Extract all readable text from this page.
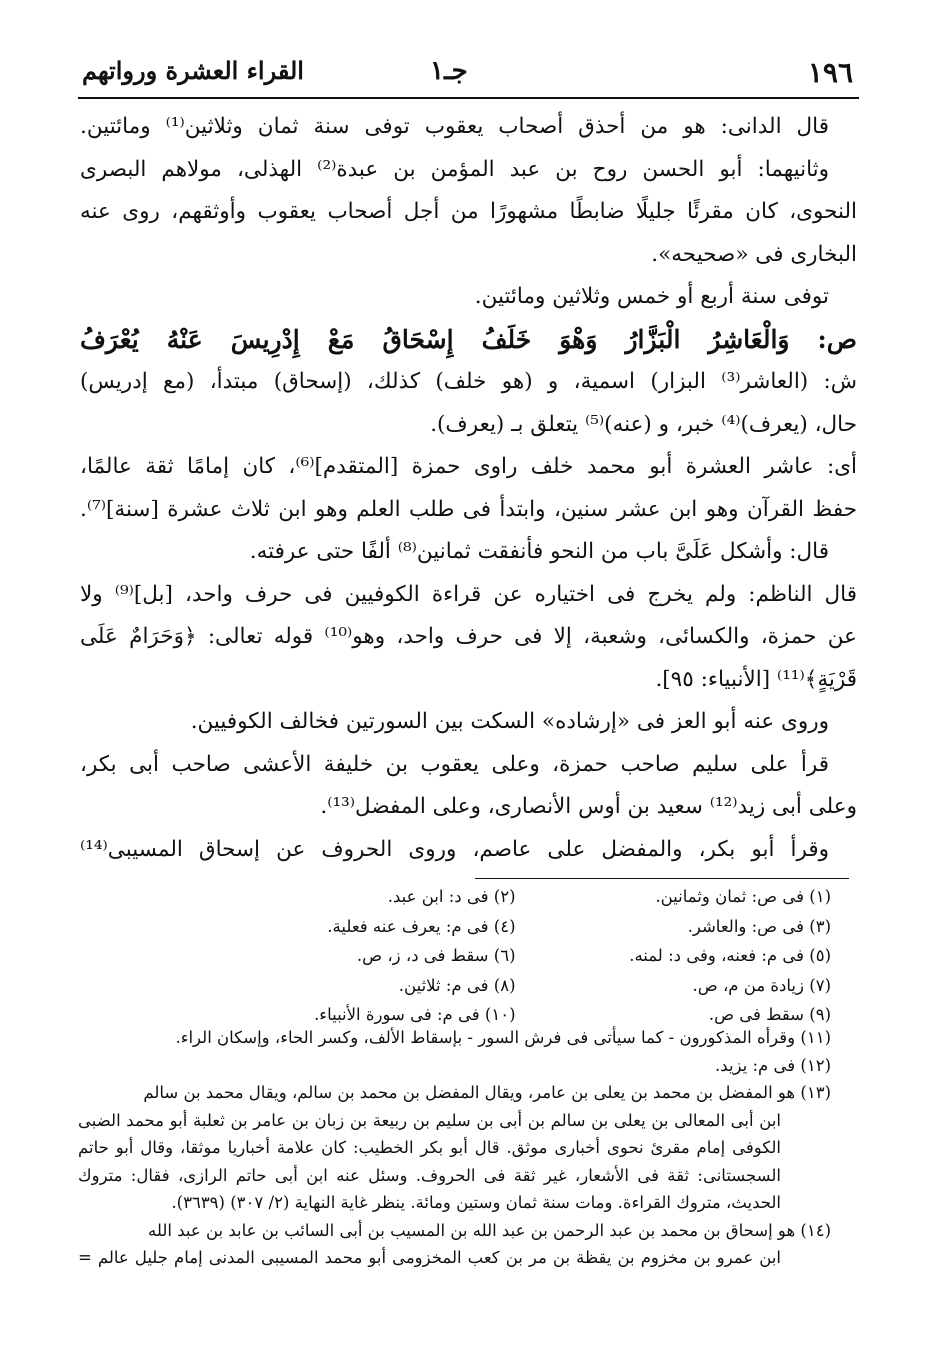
١٩٦
جـ١
القراء العشرة ورواتهم
قال الدانى: هو من أحذق أصحاب يعقوب توفى سنة ثمان وثلاثين⁽¹⁾ ومائتين.
وثانيهما: أبو الحسن روح بن عبد المؤمن بن عبدة⁽²⁾ الهذلى، مولاهم البصرى
النحوى، كان مقرئًا جليلًا ضابطًا مشهورًا من أجل أصحاب يعقوب وأوثقهم، روى عنه
البخارى فى «صحيحه».
توفى سنة أربع أو خمس وثلاثين ومائتين.
ص: وَالْعَاشِرُ الْبَزَّارُ وَهْوَ خَلَفُ إِسْحَاقُ مَعْ إِدْرِيسَ عَنْهُ يُعْرَفُ
ش: (العاشر⁽³⁾ البزار) اسمية، و (هو خلف) كذلك، (إسحاق) مبتدأ، (مع إدريس)
حال، (يعرف)⁽⁴⁾ خبر، و (عنه)⁽⁵⁾ يتعلق بـ (يعرف).
أى: عاشر العشرة أبو محمد خلف راوى حمزة [المتقدم]⁽⁶⁾، كان إمامًا ثقة عالمًا،
حفظ القرآن وهو ابن عشر سنين، وابتدأ فى طلب العلم وهو ابن ثلاث عشرة [سنة]⁽⁷⁾.
قال: وأشكل عَلَىَّ باب من النحو فأنفقت ثمانين⁽⁸⁾ ألفًا حتى عرفته.
قال الناظم: ولم يخرج فى اختياره عن قراءة الكوفيين فى حرف واحد، [بل]⁽⁹⁾ ولا
عن حمزة، والكسائى، وشعبة، إلا فى حرف واحد، وهو⁽¹⁰⁾ قوله تعالى: ﴿وَحَرَامٌ عَلَى
قَرْيَةٍ﴾⁽¹¹⁾ [الأنبياء: ٩٥].
وروى عنه أبو العز فى «إرشاده» السكت بين السورتين فخالف الكوفيين.
قرأ على سليم صاحب حمزة، وعلى يعقوب بن خليفة الأعشى صاحب أبى بكر،
وعلى أبى زيد⁽¹²⁾ سعيد بن أوس الأنصارى، وعلى المفضل⁽¹³⁾.
وقرأ أبو بكر، والمفضل على عاصم، وروى الحروف عن إسحاق المسيبى⁽¹⁴⁾
(١) فى ص: ثمان وثمانين.
(٢) فى د: ابن عبد.
(٣) فى ص: والعاشر.
(٤) فى م: يعرف عنه فعلية.
(٥) فى م: فعنه، وفى د: لمنه.
(٦) سقط فى د، ز، ص.
(٧) زيادة من م، ص.
(٨) فى م: ثلاثين.
(٩) سقط فى ص.
(١٠) فى م: فى سورة الأنبياء.
(١١) وقرأه المذكورون - كما سيأتى فى فرش السور - بإسقاط الألف، وكسر الحاء، وإسكان الراء.
(١٢) فى م: يزيد.
(١٣) هو المفضل بن محمد بن يعلى بن عامر، ويقال المفضل بن محمد بن سالم، ويقال محمد بن سالم
ابن أبى المعالى بن يعلى بن سالم بن أبى بن سليم بن ربيعة بن زبان بن عامر بن ثعلبة أبو محمد الضبى
الكوفى إمام مقرئ نحوى أخبارى موثق. قال أبو بكر الخطيب: كان علامة أخباريا موثقا، وقال أبو حاتم
السجستانى: ثقة فى الأشعار، غير ثقة فى الحروف. وسئل عنه ابن أبى حاتم الرازى، فقال: متروك
الحديث، متروك القراءة. ومات سنة ثمان وستين ومائة. ينظر غاية النهاية (٢/ ٣٠٧) (٣٦٣٩).
(١٤) هو إسحاق بن محمد بن عبد الرحمن بن عبد الله بن المسيب بن أبى السائب بن عابد بن عبد الله
ابن عمرو بن مخزوم بن يقظة بن مر بن كعب المخزومى أبو محمد المسيبى المدنى إمام جليل عالم =
